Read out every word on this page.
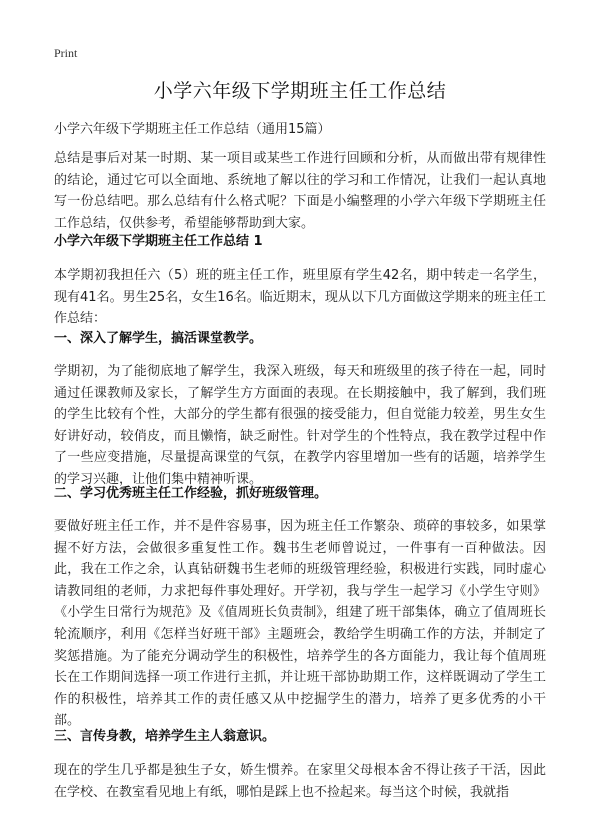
Print
小学六年级下学期班主任工作总结

小学六年级下学期班主任工作总结（通用15篇）

总结是事后对某一时期、某一项目或某些工作进行回顾和分析，从而做出带有规律性的结论，通过它可以全面地、系统地了解以往的学习和工作情况，让我们一起认真地写一份总结吧。那么总结有什么格式呢？下面是小编整理的小学六年级下学期班主任工作总结，仅供参考，希望能够帮助到大家。

小学六年级下学期班主任工作总结 1

本学期初我担任六（5）班的班主任工作，班里原有学生42名，期中转走一名学生，现有41名。男生25名，女生16名。临近期末，现从以下几方面做这学期来的班主任工作总结：

一、深入了解学生，搞活课堂教学。

学期初，为了能彻底地了解学生，我深入班级，每天和班级里的孩子待在一起，同时通过任课教师及家长，了解学生方方面面的表现。在长期接触中，我了解到，我们班的学生比较有个性，大部分的学生都有很强的接受能力，但自觉能力较差，男生女生好讲好动，较俏皮，而且懒惰，缺乏耐性。针对学生的个性特点，我在教学过程中作了一些应变措施，尽量提高课堂的气氛，在教学内容里增加一些有的话题，培养学生的学习兴趣，让他们集中精神听课。

二、学习优秀班主任工作经验，抓好班级管理。

要做好班主任工作，并不是件容易事，因为班主任工作繁杂、琐碎的事较多，如果掌握不好方法，会做很多重复性工作。魏书生老师曾说过，一件事有一百种做法。因此，我在工作之余，认真钻研魏书生老师的班级管理经验，积极进行实践，同时虚心请教同组的老师，力求把每件事处理好。开学初，我与学生一起学习《小学生守则》《小学生日常行为规范》及《值周班长负责制》，组建了班干部集体，确立了值周班长轮流顺序，利用《怎样当好班干部》主题班会，教给学生明确工作的方法，并制定了奖惩措施。为了能充分调动学生的积极性，培养学生的各方面能力，我让每个值周班长在工作期间选择一项工作进行主抓，并让班干部协助期工作，这样既调动了学生工作的积极性，培养其工作的责任感又从中挖掘学生的潜力，培养了更多优秀的小干部。

三、言传身教，培养学生主人翁意识。

现在的学生几乎都是独生子女，娇生惯养。在家里父母根本舍不得让孩子干活，因此在学校、在教室看见地上有纸，哪怕是踩上也不捡起来。每当这个时候，我就指
